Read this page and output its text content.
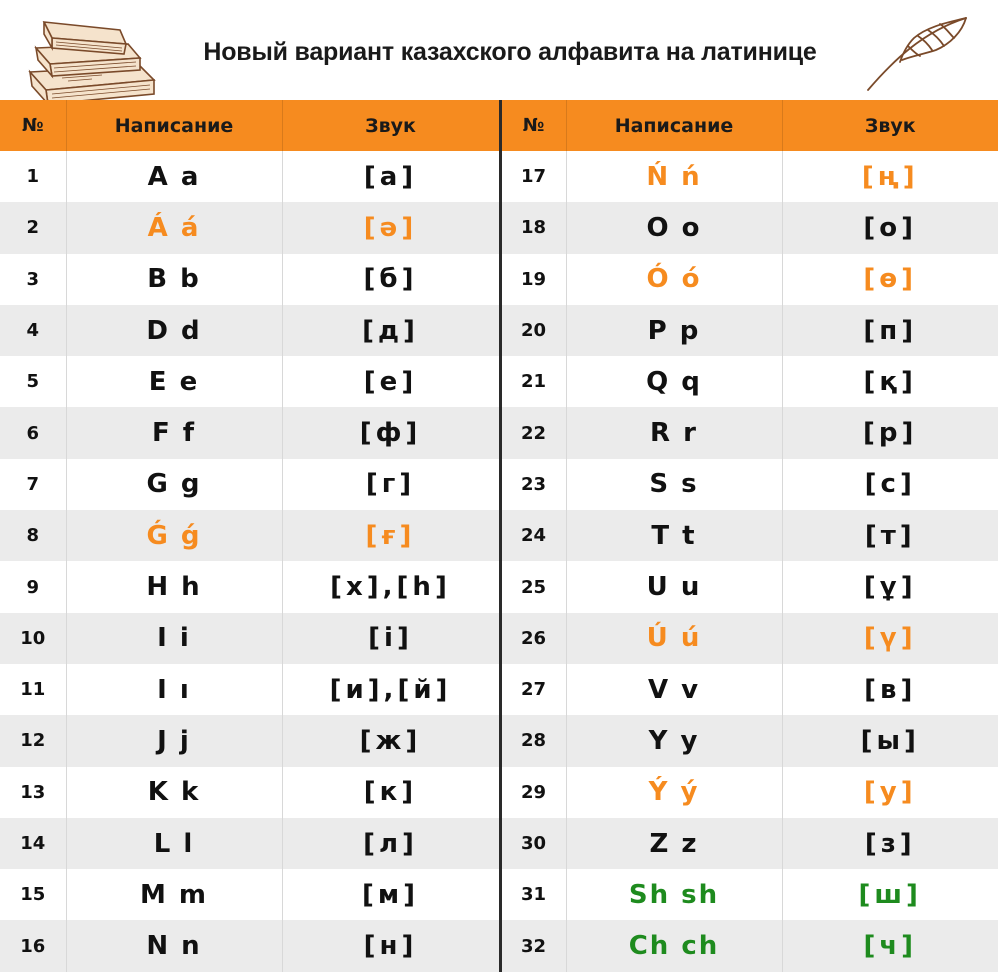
Новый вариант казахского алфавита на латинице
№	Написание	Звук	№	Написание	Звук
1	A a	[а]	17	Ń ń	[ң]
2	Á á	[ә]	18	O o	[о]
3	B b	[б]	19	Ó ó	[ө]
4	D d	[д]	20	P p	[п]
5	E e	[е]	21	Q q	[қ]
6	F f	[ф]	22	R r	[р]
7	G g	[г]	23	S s	[с]
8	Ǵ ǵ	[ғ]	24	T t	[т]
9	H h	[х],[һ]	25	U u	[ұ]
10	I i	[і]	26	Ú ú	[ү]
11	I ı	[и],[й]	27	V v	[в]
12	J j	[ж]	28	Y y	[ы]
13	K k	[к]	29	Ý ý	[у]
14	L l	[л]	30	Z z	[з]
15	M m	[м]	31	Sh sh	[ш]
16	N n	[н]	32	Ch ch	[ч]
